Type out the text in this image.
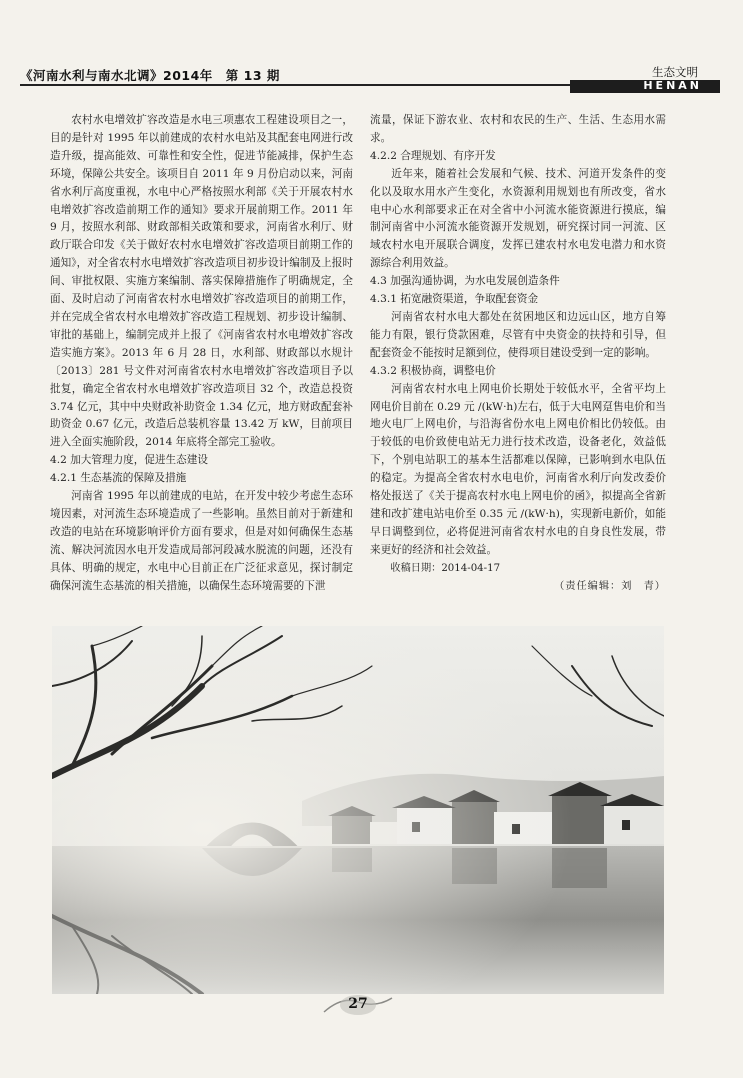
《河南水利与南水北调》2014年　第 13 期	生态文明
HENAN

农村水电增效扩容改造是水电三项惠农工程建设项目之一，目的是针对 1995 年以前建成的农村水电站及其配套电网进行改造升级，提高能效、可靠性和安全性，促进节能减排，保护生态环境，保障公共安全。该项目自 2011 年 9 月份启动以来，河南省水利厅高度重视，水电中心严格按照水利部《关于开展农村水电增效扩容改造前期工作的通知》要求开展前期工作。2011 年 9 月，按照水利部、财政部相关政策和要求，河南省水利厅、财政厅联合印发《关于做好农村水电增效扩容改造项目前期工作的通知》，对全省农村水电增效扩容改造项目初步设计编制及上报时间、审批权限、实施方案编制、落实保障措施作了明确规定，全面、及时启动了河南省农村水电增效扩容改造项目的前期工作，并在完成全省农村水电增效扩容改造工程规划、初步设计编制、审批的基础上，编制完成并上报了《河南省农村水电增效扩容改造实施方案》。2013 年 6 月 28 日，水利部、财政部以水规计〔2013〕281 号文件对河南省农村水电增效扩容改造项目予以批复，确定全省农村水电增效扩容改造项目 32 个，改造总投资 3.74 亿元，其中中央财政补助资金 1.34 亿元，地方财政配套补助资金 0.67 亿元，改造后总装机容量 13.42 万 kW，目前项目进入全面实施阶段，2014 年底将全部完工验收。

4.2 加大管理力度，促进生态建设
4.2.1 生态基流的保障及措施

河南省 1995 年以前建成的电站，在开发中较少考虑生态环境因素，对河流生态环境造成了一些影响。虽然目前对于新建和改造的电站在环境影响评价方面有要求，但是对如何确保生态基流、解决河流因水电开发造成局部河段减水脱流的问题，还没有具体、明确的规定，水电中心目前正在广泛征求意见，探讨制定确保河流生态基流的相关措施，以确保生态环境需要的下泄

流量，保证下游农业、农村和农民的生产、生活、生态用水需求。

4.2.2 合理规划、有序开发

近年来，随着社会发展和气候、技术、河道开发条件的变化以及取水用水产生变化，水资源利用规划也有所改变，省水电中心水利部要求正在对全省中小河流水能资源进行摸底，编制河南省中小河流水能资源开发规划，研究探讨同一河流、区域农村水电开展联合调度，发挥已建农村水电发电潜力和水资源综合利用效益。

4.3 加强沟通协调，为水电发展创造条件
4.3.1 拓宽融资渠道，争取配套资金

河南省农村水电大都处在贫困地区和边远山区，地方自筹能力有限，银行贷款困难，尽管有中央资金的扶持和引导，但配套资金不能按时足额到位，使得项目建设受到一定的影响。

4.3.2 积极协商，调整电价

河南省农村水电上网电价长期处于较低水平，全省平均上网电价目前在 0.29 元 /(kW·h)左右，低于大电网趸售电价和当地火电厂上网电价，与沿海省份水电上网电价相比仍较低。由于较低的电价致使电站无力进行技术改造，设备老化，效益低下，个别电站职工的基本生活都难以保障，已影响到水电队伍的稳定。为提高全省农村水电电价，河南省水利厅向发改委价格处报送了《关于提高农村水电上网电价的函》，拟提高全省新建和改扩建电站电价至 0.35 元 /(kW·h)，实现新电新价，如能早日调整到位，必将促进河南省农村水电的自身良性发展，带来更好的经济和社会效益。

收稿日期：2014-04-17

（责任编辑：刘　青）

27
